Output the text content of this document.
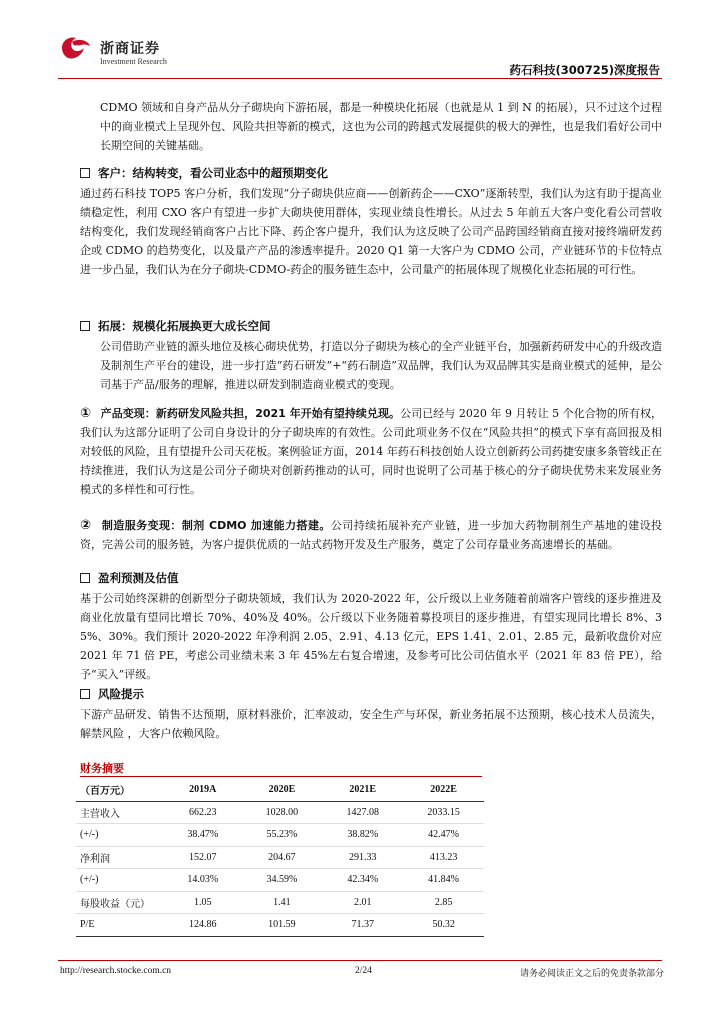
浙商证券
Investment Research
药石科技(300725)深度报告
CDMO 领域和自身产品从分子砌块向下游拓展，都是一种模块化拓展（也就是从 1 到 N 的拓展），只不过这个过程中的商业模式上呈现外包、风险共担等新的模式，这也为公司的跨越式发展提供的极大的弹性，也是我们看好公司中长期空间的关键基础。
客户：结构转变，看公司业态中的超预期变化
通过药石科技 TOP5 客户分析，我们发现“分子砌块供应商——创新药企——CXO”逐渐转型，我们认为这有助于提高业绩稳定性，利用 CXO 客户有望进一步扩大砌块使用群体，实现业绩良性增长。从过去 5 年前五大客户变化看公司营收结构变化，我们发现经销商客户占比下降、药企客户提升，我们认为这反映了公司产品跨国经销商直接对接终端研发药企或 CDMO 的趋势变化，以及量产产品的渗透率提升。2020 Q1 第一大客户为 CDMO 公司，产业链环节的卡位特点进一步凸显，我们认为在分子砌块-CDMO-药企的服务链生态中，公司量产的拓展体现了规模化业态拓展的可行性。
拓展：规模化拓展换更大成长空间
公司借助产业链的源头地位及核心砌块优势，打造以分子砌块为核心的全产业链平台，加强新药研发中心的升级改造及制剂生产平台的建设，进一步打造“药石研发”+“药石制造”双品牌，我们认为双品牌其实是商业模式的延伸，是公司基于产品/服务的理解，推进以研发到制造商业模式的变现。
① 产品变现：新药研发风险共担，2021 年开始有望持续兑现。公司已经与 2020 年 9 月转让 5 个化合物的所有权，我们认为这部分证明了公司自身设计的分子砌块库的有效性。公司此项业务不仅在“风险共担”的模式下享有高回报及相对较低的风险，且有望提升公司天花板。案例验证方面，2014 年药石科技创始人设立创新药公司药捷安康多条管线正在持续推进，我们认为这是公司分子砌块对创新药推动的认可，同时也说明了公司基于核心的分子砌块优势未来发展业务模式的多样性和可行性。
② 制造服务变现：制剂 CDMO 加速能力搭建。公司持续拓展补充产业链，进一步加大药物制剂生产基地的建设投资，完善公司的服务链，为客户提供优质的一站式药物开发及生产服务，奠定了公司存量业务高速增长的基础。
盈利预测及估值
基于公司始终深耕的创新型分子砌块领域，我们认为 2020-2022 年，公斤级以上业务随着前端客户管线的逐步推进及商业化放量有望同比增长 70%、40%及 40%。公斤级以下业务随着募投项目的逐步推进，有望实现同比增长 8%、35%、30%。我们预计 2020-2022 年净利润 2.05、2.91、4.13 亿元，EPS 1.41、2.01、2.85 元，最新收盘价对应 2021 年 71 倍 PE，考虑公司业绩未来 3 年 45%左右复合增速，及参考可比公司估值水平（2021 年 83 倍 PE），给予“买入”评级。
风险提示
下游产品研发、销售不达预期，原材料涨价，汇率波动，安全生产与环保，新业务拓展不达预期，核心技术人员流失，解禁风险 ，大客户依赖风险。
财务摘要
（百万元）	2019A	2020E	2021E	2022E
主营收入	662.23	1028.00	1427.08	2033.15
(+/-)	38.47%	55.23%	38.82%	42.47%
净利润	152.07	204.67	291.33	413.23
(+/-)	14.03%	34.59%	42.34%	41.84%
每股收益（元）	1.05	1.41	2.01	2.85
P/E	124.86	101.59	71.37	50.32
http://research.stocke.com.cn	2/24	请务必阅读正文之后的免责条款部分
